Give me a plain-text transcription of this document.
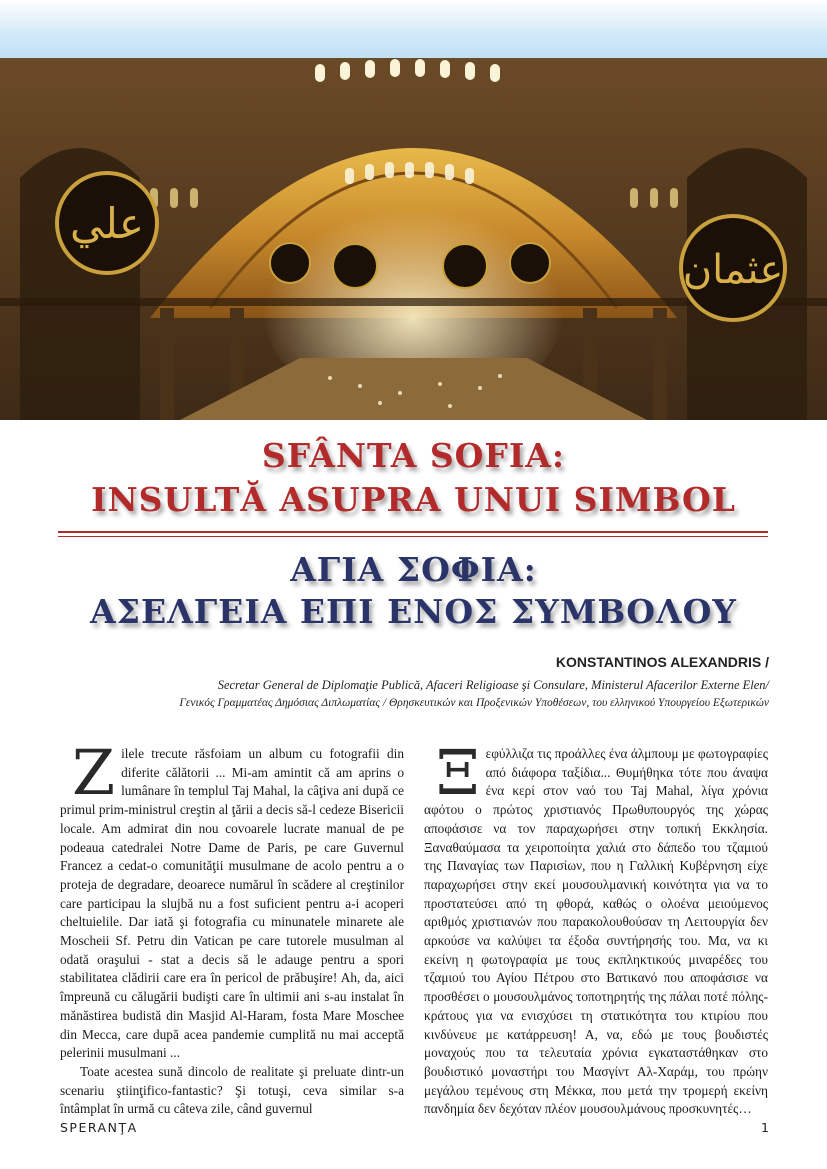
علي
عثمان
SFÂNTA SOFIA:
INSULTĂ ASUPRA UNUI SIMBOL
ΑΓΙΑ ΣΟΦΙΑ:
ΑΣΕΛΓΕΙΑ ΕΠΙ ΕΝΟΣ ΣΥΜΒΟΛΟΥ
KONSTANTINOS ALEXANDRIS /
Secretar General de Diplomaţie Publică, Afaceri Religioase şi Consulare, Ministerul Afacerilor Externe Elen/
Γενικός Γραμματέας Δημόσιας Διπλωματίας / Θρησκευτικών και Προξενικών Υποθέσεων, του ελληνικού Υπουργείου Εξωτερικών

Zilele trecute răsfoiam un album cu fotografii din diferite călătorii ... Mi-am amintit că am aprins o lumânare în templul Taj Mahal, la câţiva ani după ce primul prim-ministrul creştin al ţării a decis să-l cedeze Bisericii locale. Am admirat din nou covoarele lucrate manual de pe podeaua catedralei Notre Dame de Paris, pe care Guvernul Francez a cedat-o comunităţii musulmane de acolo pentru a o proteja de degradare, deoarece numărul în scădere al creştinilor care participau la slujbă nu a fost suficient pentru a-i acoperi cheltuielile. Dar iată şi fotografia cu minunatele minarete ale Moscheii Sf. Petru din Vatican pe care tutorele musulman al odată oraşului - stat a decis să le adauge pentru a spori stabilitatea clădirii care era în pericol de prăbuşire! Ah, da, aici împreună cu călugării budişti care în ultimii ani s-au instalat în mănăstirea budistă din Masjid Al-Haram, fosta Mare Moschee din Mecca, care după acea pandemie cumplită nu mai acceptă pelerinii musulmani ...

Toate acestea sună dincolo de realitate şi preluate dintr-un scenariu ştiinţifico-fantastic? Şi totuşi, ceva similar s-a întâmplat în urmă cu câteva zile, când guvernul

Ξεφύλλιζα τις προάλλες ένα άλμπουμ με φωτογραφίες από διάφορα ταξίδια... Θυμήθηκα τότε που άναψα ένα κερί στον ναό του Taj Mahal, λίγα χρόνια αφότου ο πρώτος χριστιανός Πρωθυπουργός της χώρας αποφάσισε να τον παραχωρήσει στην τοπική Εκκλησία. Ξαναθαύμασα τα χειροποίητα χαλιά στο δάπεδο του τζαμιού της Παναγίας των Παρισίων, που η Γαλλική Κυβέρνηση είχε παραχωρήσει στην εκεί μουσουλμανική κοινότητα για να το προστατεύσει από τη φθορά, καθώς ο ολοένα μειούμενος αριθμός χριστιανών που παρακολουθούσαν τη Λειτουργία δεν αρκούσε να καλύψει τα έξοδα συντήρησής του. Μα, να κι εκείνη η φωτογραφία με τους εκπληκτικούς μιναρέδες του τζαμιού του Αγίου Πέτρου στο Βατικανό που αποφάσισε να προσθέσει ο μουσουλμάνος τοποτηρητής της πάλαι ποτέ πόλης-κράτους για να ενισχύσει τη στατικότητα του κτιρίου που κινδύνευε με κατάρρευση! Α, να, εδώ με τους βουδιστές μοναχούς που τα τελευταία χρόνια εγκαταστάθηκαν στο βουδιστικό μοναστήρι του Μασγίντ Αλ-Χαράμ, του πρώην μεγάλου τεμένους στη Μέκκα, που μετά την τρομερή εκείνη πανδημία δεν δεχόταν πλέον μουσουλμάνους προσκυνητές…

SPERANŢA	1
